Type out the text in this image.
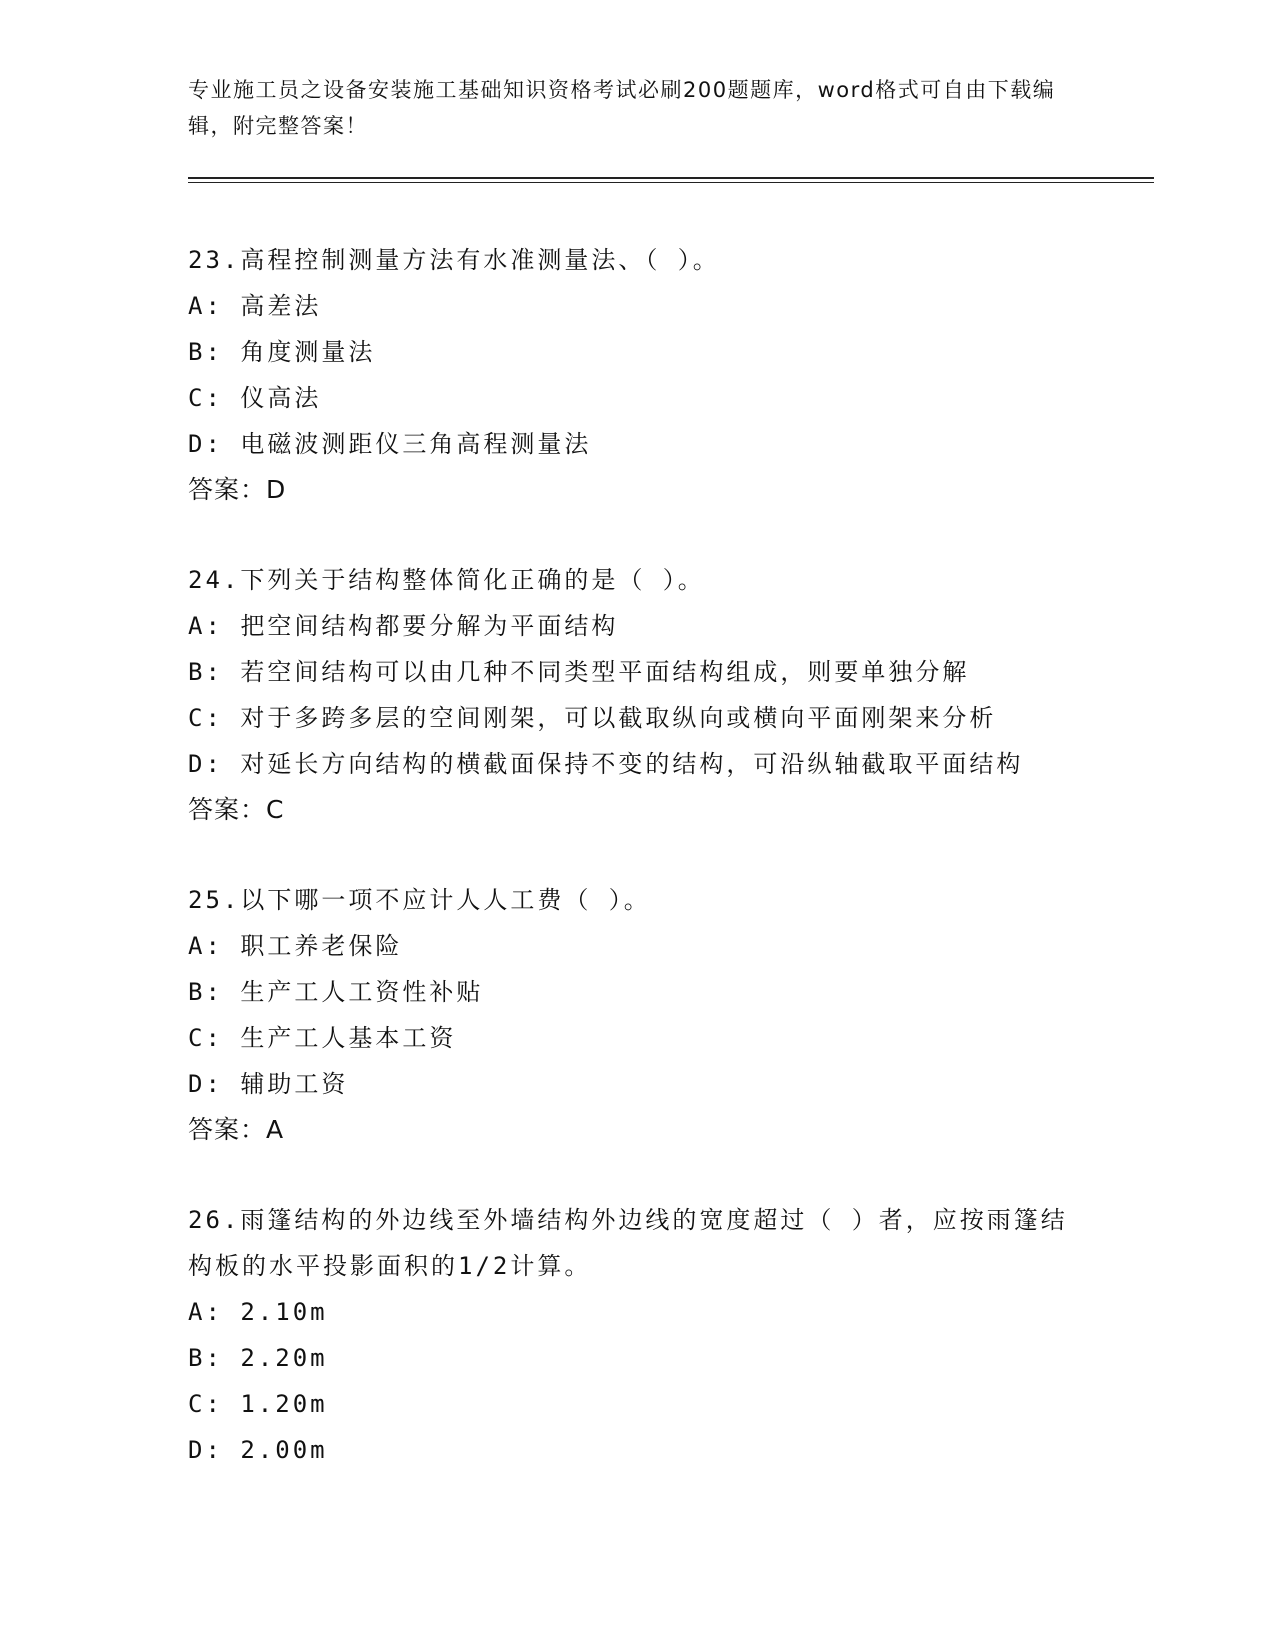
专业施工员之设备安装施工基础知识资格考试必刷200题题库，word格式可自由下载编辑，附完整答案！
23.高程控制测量方法有水准测量法、（ ）。
A: 高差法
B: 角度测量法
C: 仪高法
D: 电磁波测距仪三角高程测量法
答案：D
24.下列关于结构整体简化正确的是（ ）。
A: 把空间结构都要分解为平面结构
B: 若空间结构可以由几种不同类型平面结构组成，则要单独分解
C: 对于多跨多层的空间刚架，可以截取纵向或横向平面刚架来分析
D: 对延长方向结构的横截面保持不变的结构，可沿纵轴截取平面结构
答案：C
25.以下哪一项不应计人人工费（ ）。
A: 职工养老保险
B: 生产工人工资性补贴
C: 生产工人基本工资
D: 辅助工资
答案：A
26.雨篷结构的外边线至外墙结构外边线的宽度超过（ ）者，应按雨篷结构板的水平投影面积的1/2计算。
A: 2.10m
B: 2.20m
C: 1.20m
D: 2.00m
